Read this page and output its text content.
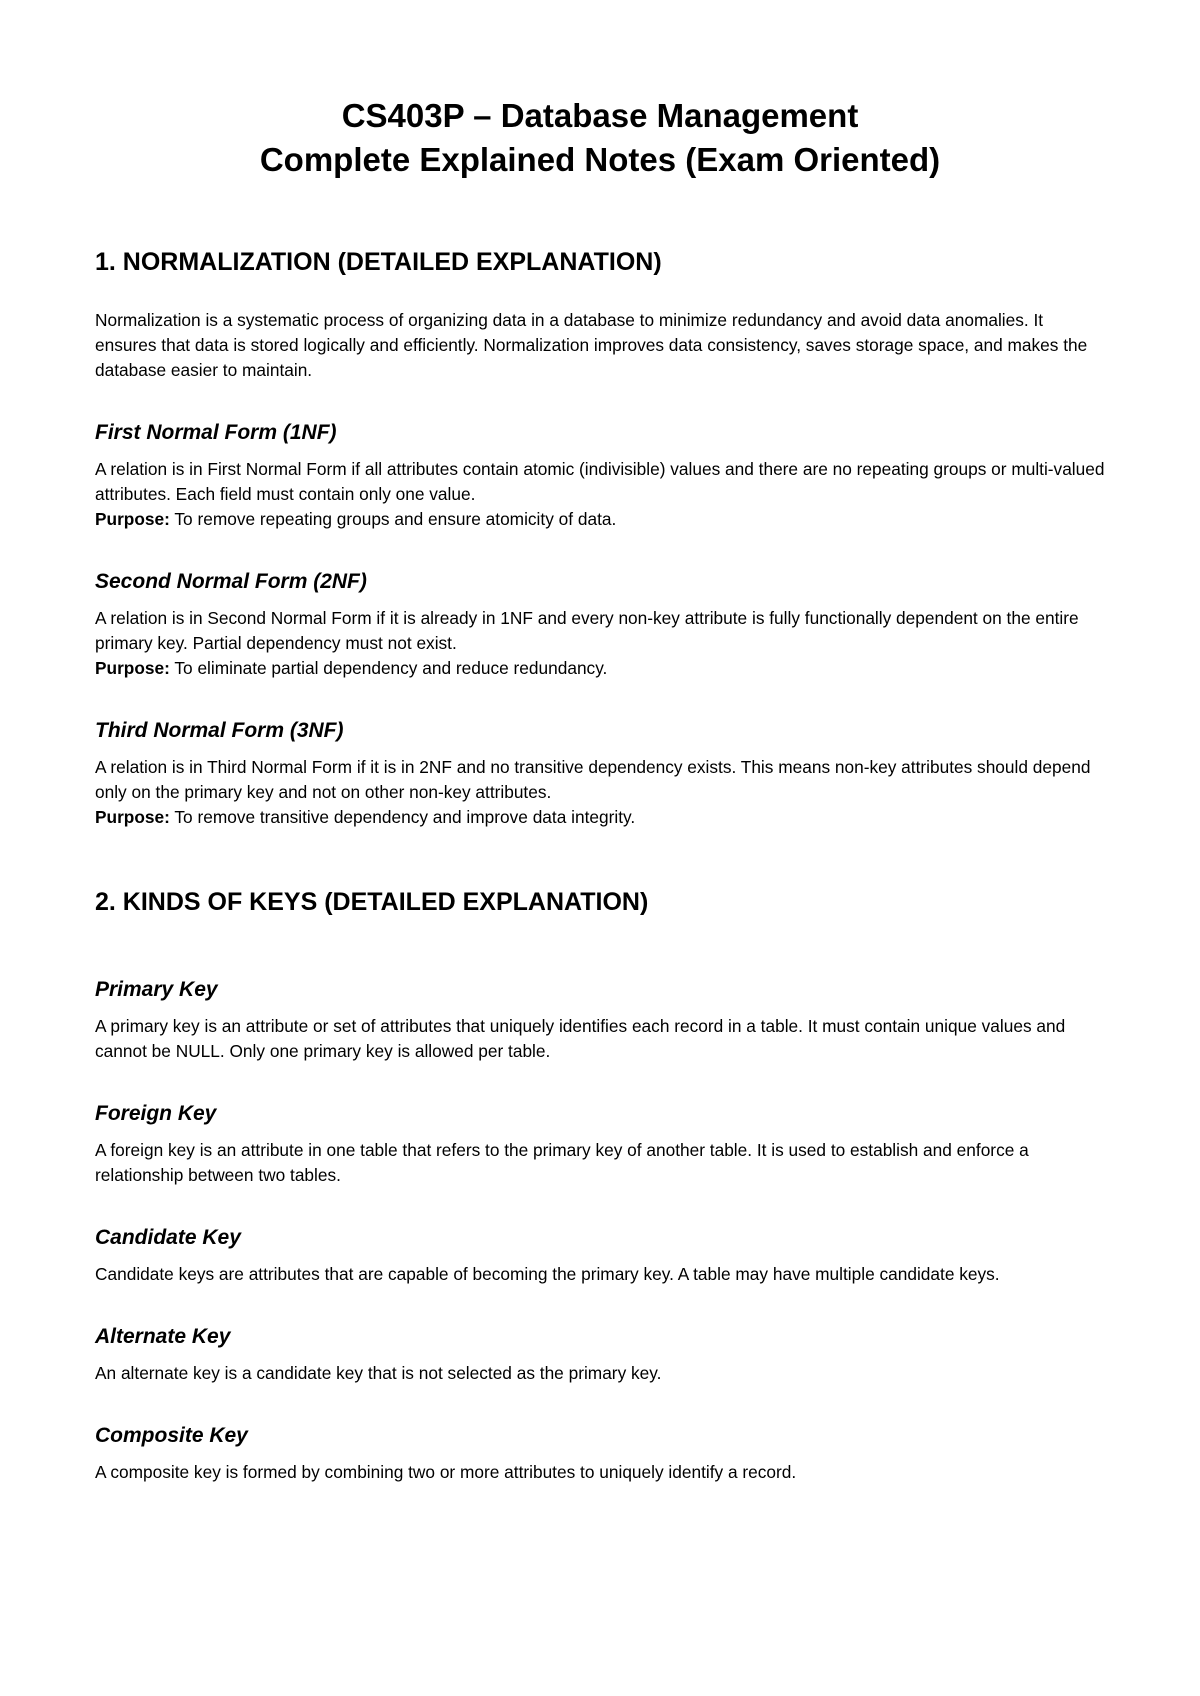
CS403P – Database Management

Complete Explained Notes (Exam Oriented)

1. NORMALIZATION (DETAILED EXPLANATION)

Normalization is a systematic process of organizing data in a database to minimize redundancy and avoid data anomalies. It ensures that data is stored logically and efficiently. Normalization improves data consistency, saves storage space, and makes the database easier to maintain.

First Normal Form (1NF)

A relation is in First Normal Form if all attributes contain atomic (indivisible) values and there are no repeating groups or multi-valued attributes. Each field must contain only one value.

Purpose: To remove repeating groups and ensure atomicity of data.

Second Normal Form (2NF)

A relation is in Second Normal Form if it is already in 1NF and every non-key attribute is fully functionally dependent on the entire primary key. Partial dependency must not exist.

Purpose: To eliminate partial dependency and reduce redundancy.

Third Normal Form (3NF)

A relation is in Third Normal Form if it is in 2NF and no transitive dependency exists. This means non-key attributes should depend only on the primary key and not on other non-key attributes.

Purpose: To remove transitive dependency and improve data integrity.

2. KINDS OF KEYS (DETAILED EXPLANATION)
Primary Key

A primary key is an attribute or set of attributes that uniquely identifies each record in a table. It must contain unique values and cannot be NULL. Only one primary key is allowed per table.

Foreign Key

A foreign key is an attribute in one table that refers to the primary key of another table. It is used to establish and enforce a relationship between two tables.

Candidate Key

Candidate keys are attributes that are capable of becoming the primary key. A table may have multiple candidate keys.

Alternate Key

An alternate key is a candidate key that is not selected as the primary key.

Composite Key

A composite key is formed by combining two or more attributes to uniquely identify a record.
